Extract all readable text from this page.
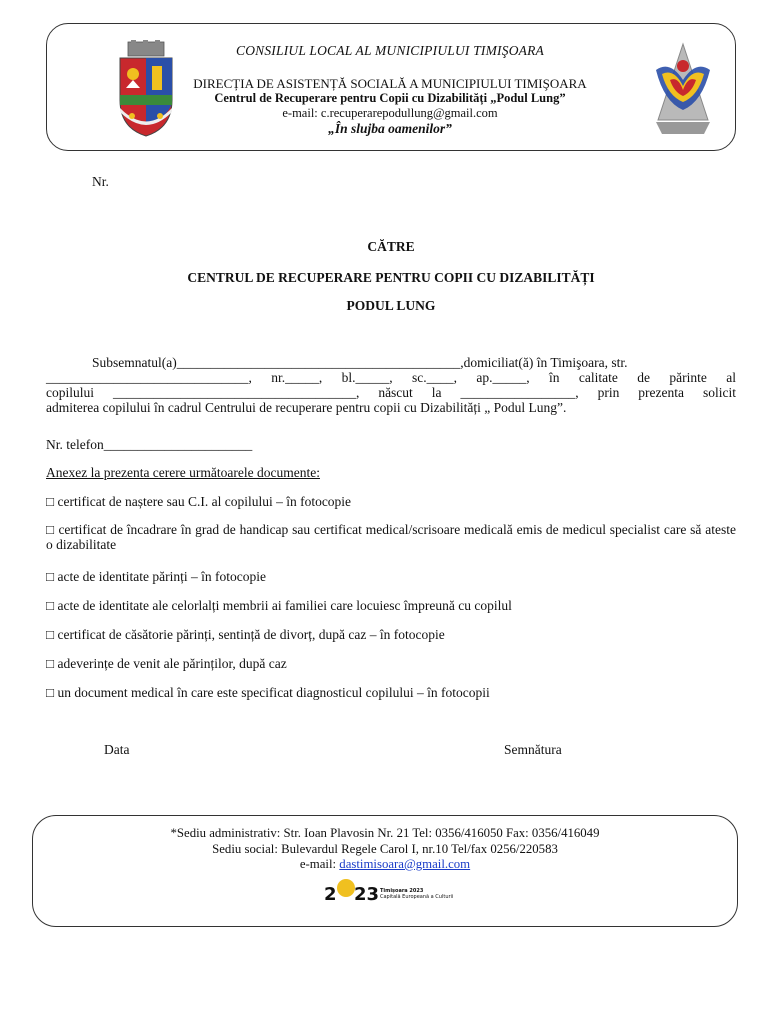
CONSILIUL LOCAL AL MUNICIPIULUI TIMIŞOARA
DIRECȚIA DE ASISTENȚĂ SOCIALĂ A MUNICIPIULUI TIMIŞOARA
Centrul de Recuperare pentru Copii cu Dizabilități „Podul Lung”
e-mail: c.recuperarepodullung@gmail.com
„În slujba oamenilor”
Nr.
CĂTRE
CENTRUL DE RECUPERARE PENTRU COPII CU DIZABILITĂȚI
PODUL LUNG
Subsemnatul(a)__________________________________________,domiciliat(ă) în Timişoara, str.
______________________________, nr._____, bl._____, sc.____, ap._____, în calitate de părinte al
copilului ____________________________________, născut la _________________, prin prezenta solicit
admiterea copilului în cadrul Centrului de recuperare pentru copii cu Dizabilități „ Podul Lung”.
Nr. telefon______________________
Anexez la prezenta cerere următoarele documente:
□ certificat de naștere sau C.I. al copilului – în fotocopie
□ certificat de încadrare în grad de handicap sau certificat medical/scrisoare medicală emis de medicul specialist care să ateste o dizabilitate
□ acte de identitate părinți – în fotocopie
□ acte de identitate ale celorlalți membrii ai familiei care locuiesc împreună cu copilul
□ certificat de căsătorie părinți, sentință de divorț, după caz – în fotocopie
□ adeverințe de venit ale părinților, după caz
□ un document medical în care este specificat diagnosticul copilului – în fotocopii
Data	Semnătura
*Sediu administrativ: Str. Ioan Plavosin Nr. 21 Tel: 0356/416050 Fax: 0356/416049
Sediu social: Bulevardul Regele Carol I, nr.10 Tel/fax 0256/220583
e-mail: dastimisoara@gmail.com
2 23 Timișoara 2023
Capitală Europeană a Culturii
